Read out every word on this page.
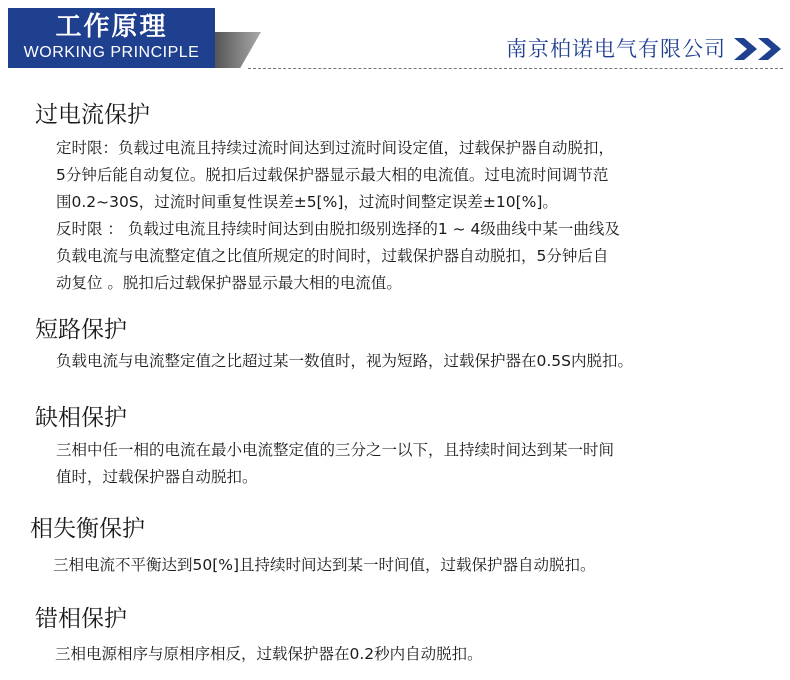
工作原理
WORKING PRINCIPLE	南京柏诺电气有限公司
过电流保护

定时限：负载过电流且持续过流时间达到过流时间设定值，过载保护器自动脱扣，

5分钟后能自动复位。脱扣后过载保护器显示最大相的电流值。过电流时间调节范

围0.2~30S，过流时间重复性误差±5[%]，过流时间整定误差±10[%]。

反时限 ： 负载过电流且持续时间达到由脱扣级别选择的1 ~ 4级曲线中某一曲线及

负载电流与电流整定值之比值所规定的时间时，过载保护器自动脱扣，5分钟后自

动复位 。脱扣后过载保护器显示最大相的电流值。

短路保护

负载电流与电流整定值之比超过某一数值时，视为短路，过载保护器在0.5S内脱扣。

缺相保护

三相中任一相的电流在最小电流整定值的三分之一以下，且持续时间达到某一时间

值时，过载保护器自动脱扣。

相失衡保护

三相电流不平衡达到50[%]且持续时间达到某一时间值，过载保护器自动脱扣。

错相保护

三相电源相序与原相序相反，过载保护器在0.2秒内自动脱扣。
